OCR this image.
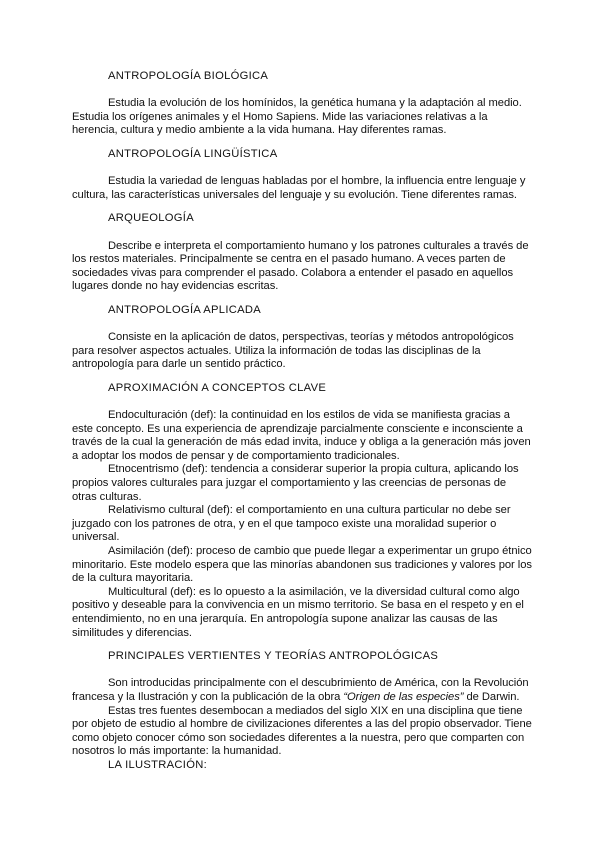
ANTROPOLOGÍA BIOLÓGICA

Estudia la evolución de los homínidos, la genética humana y la adaptación al medio. Estudia los orígenes animales y el Homo Sapiens. Mide las variaciones relativas a la herencia, cultura y medio ambiente a la vida humana. Hay diferentes ramas.

ANTROPOLOGÍA LINGÜÍSTICA

Estudia la variedad de lenguas habladas por el hombre, la influencia entre lenguaje y cultura, las características universales del lenguaje y su evolución. Tiene diferentes ramas.

ARQUEOLOGÍA

Describe e interpreta el comportamiento humano y los patrones culturales a través de los restos materiales. Principalmente se centra en el pasado humano. A veces parten de sociedades vivas para comprender el pasado. Colabora a entender el pasado en aquellos lugares donde no hay evidencias escritas.

ANTROPOLOGÍA APLICADA

Consiste en la aplicación de datos, perspectivas, teorías y métodos antropológicos para resolver aspectos actuales. Utiliza la información de todas las disciplinas de la antropología para darle un sentido práctico.

APROXIMACIÓN A CONCEPTOS CLAVE

Endoculturación (def): la continuidad en los estilos de vida se manifiesta gracias a este concepto. Es una experiencia de aprendizaje parcialmente consciente e inconsciente a través de la cual la generación de más edad invita, induce y obliga a la generación más joven a adoptar los modos de pensar y de comportamiento tradicionales.

Etnocentrismo (def): tendencia a considerar superior la propia cultura, aplicando los propios valores culturales para juzgar el comportamiento y las creencias de personas de otras culturas.

Relativismo cultural (def): el comportamiento en una cultura particular no debe ser juzgado con los patrones de otra, y en el que tampoco existe una moralidad superior o universal.

Asimilación (def): proceso de cambio que puede llegar a experimentar un grupo étnico minoritario. Este modelo espera que las minorías abandonen sus tradiciones y valores por los de la cultura mayoritaria.

Multicultural (def): es lo opuesto a la asimilación, ve la diversidad cultural como algo positivo y deseable para la convivencia en un mismo territorio. Se basa en el respeto y en el entendimiento, no en una jerarquía. En antropología supone analizar las causas de las similitudes y diferencias.

PRINCIPALES VERTIENTES Y TEORÍAS ANTROPOLÓGICAS

Son introducidas principalmente con el descubrimiento de América, con la Revolución francesa y la Ilustración y con la publicación de la obra “Origen de las especies” de Darwin.

Estas tres fuentes desembocan a mediados del siglo XIX en una disciplina que tiene por objeto de estudio al hombre de civilizaciones diferentes a las del propio observador. Tiene como objeto conocer cómo son sociedades diferentes a la nuestra, pero que comparten con nosotros lo más importante: la humanidad.

LA ILUSTRACIÓN:
